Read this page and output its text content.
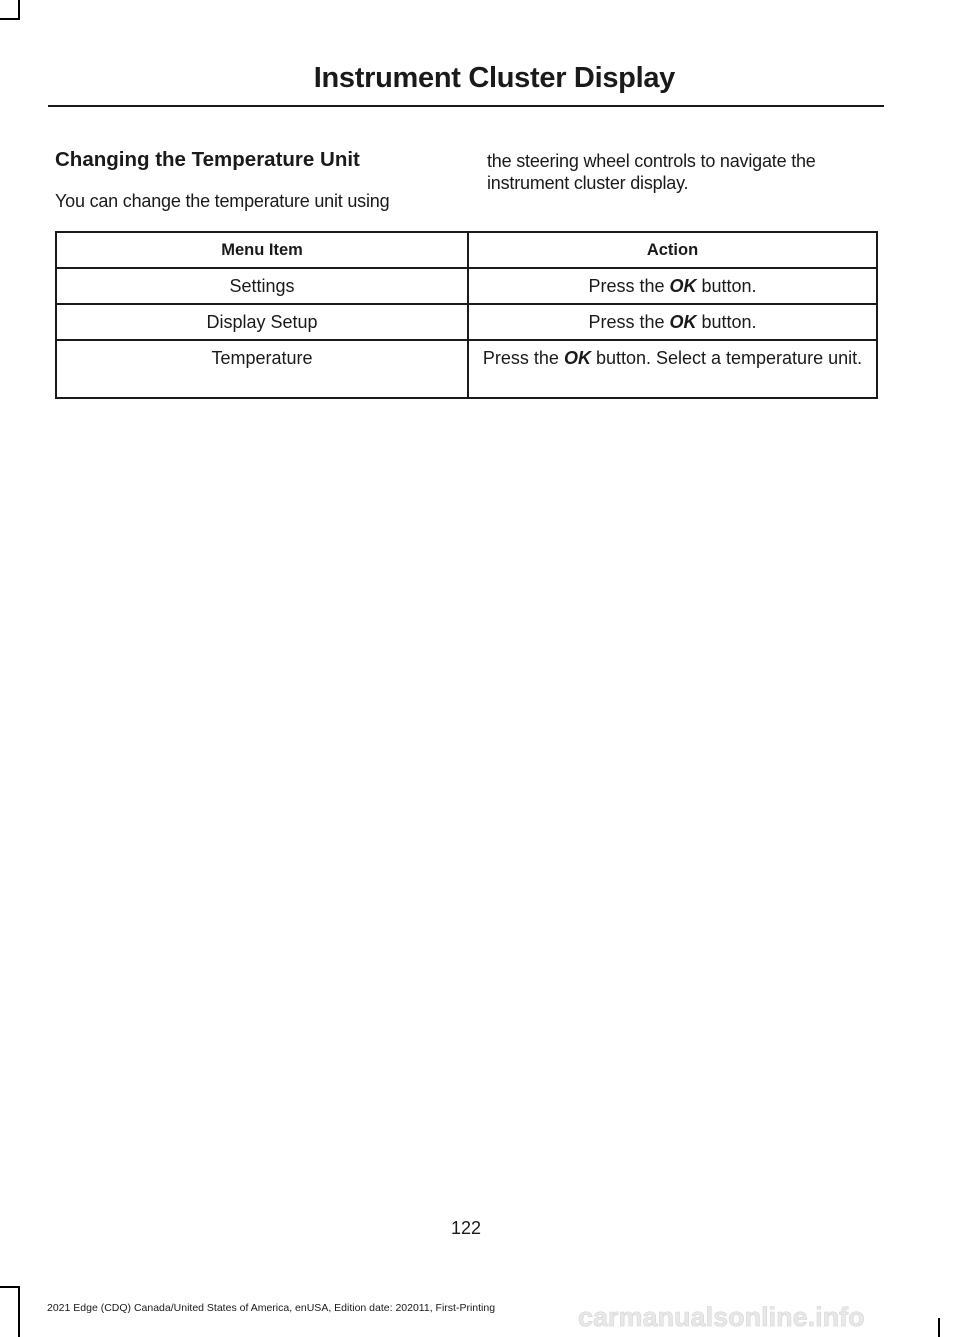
Instrument Cluster Display
Changing the Temperature Unit

You can change the temperature unit using

the steering wheel controls to navigate the instrument cluster display.

Menu Item	Action
Settings	Press the OK button.
Display Setup	Press the OK button.
Temperature	Press the OK button. Select a temperature unit.
122
2021 Edge (CDQ) Canada/United States of America, enUSA, Edition date: 202011, First-Printing	carmanualsonline.info
